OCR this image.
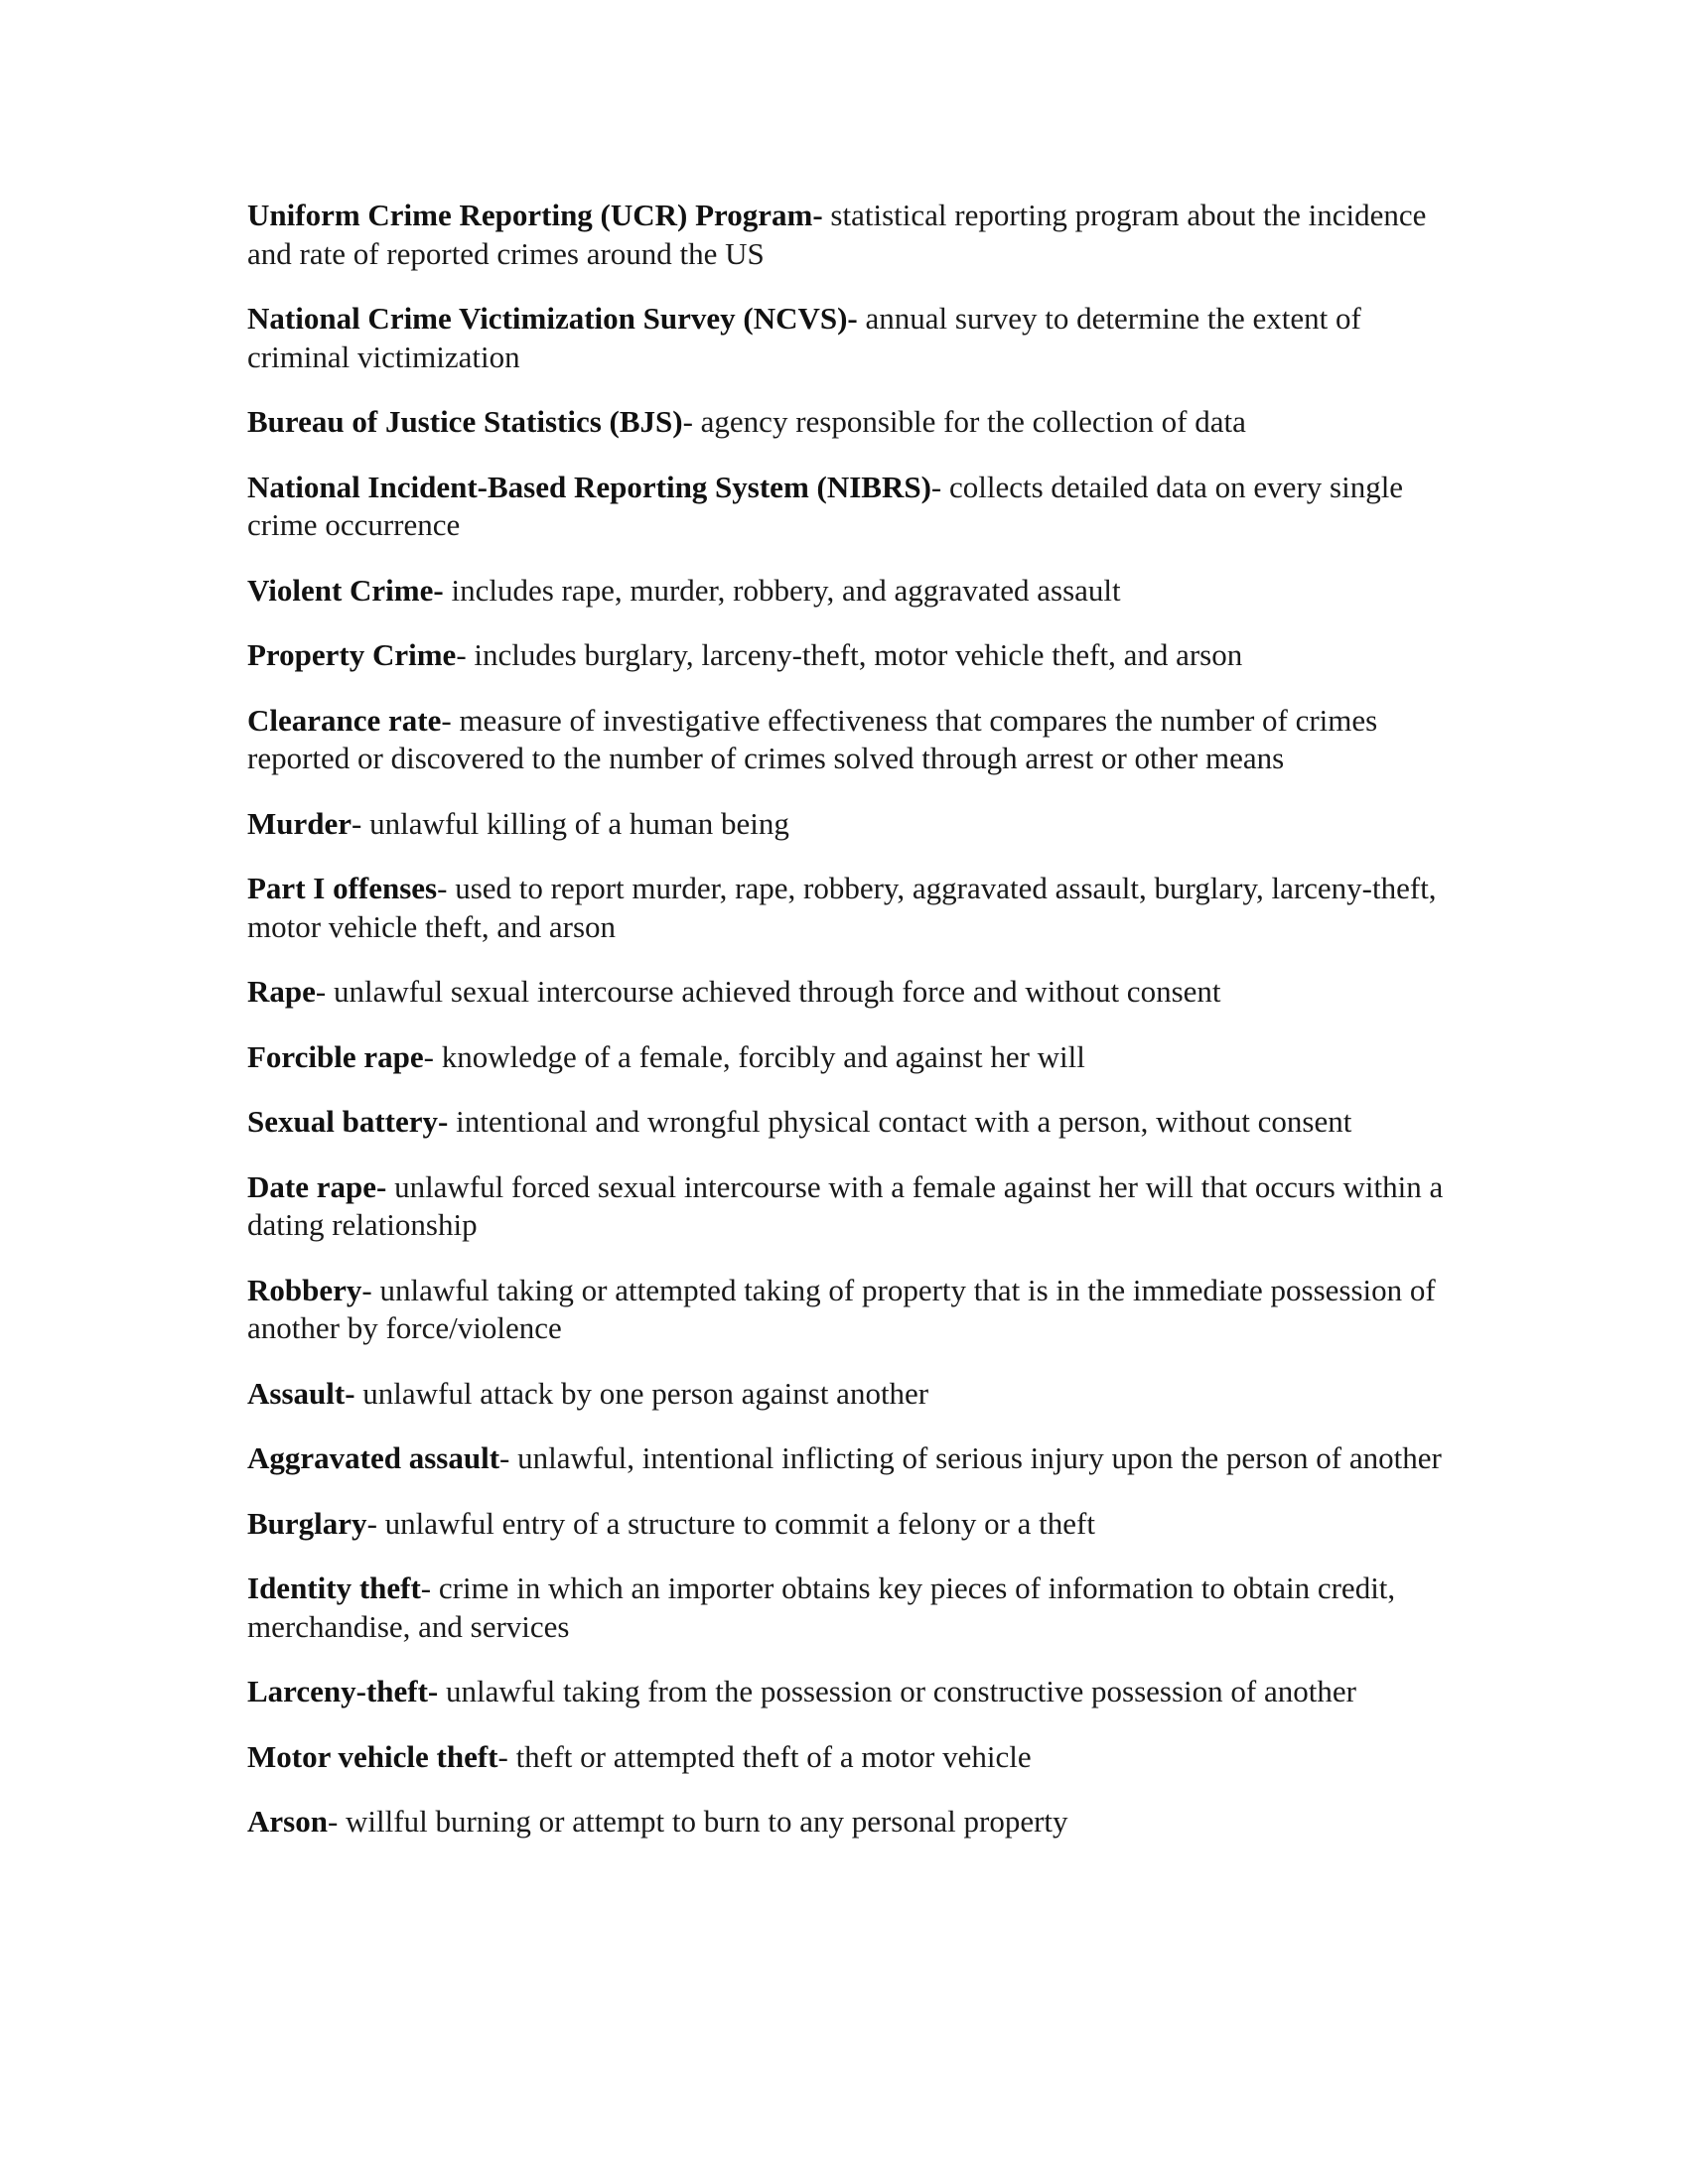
Uniform Crime Reporting (UCR) Program- statistical reporting program about the incidence and rate of reported crimes around the US
National Crime Victimization Survey (NCVS)- annual survey to determine the extent of criminal victimization
Bureau of Justice Statistics (BJS)- agency responsible for the collection of data
National Incident-Based Reporting System (NIBRS)- collects detailed data on every single crime occurrence
Violent Crime- includes rape, murder, robbery, and aggravated assault
Property Crime- includes burglary, larceny-theft, motor vehicle theft, and arson
Clearance rate- measure of investigative effectiveness that compares the number of crimes reported or discovered to the number of crimes solved through arrest or other means
Murder- unlawful killing of a human being
Part I offenses- used to report murder, rape, robbery, aggravated assault, burglary, larceny-theft, motor vehicle theft, and arson
Rape- unlawful sexual intercourse achieved through force and without consent
Forcible rape- knowledge of a female, forcibly and against her will
Sexual battery- intentional and wrongful physical contact with a person, without consent
Date rape- unlawful forced sexual intercourse with a female against her will that occurs within a dating relationship
Robbery- unlawful taking or attempted taking of property that is in the immediate possession of another by force/violence
Assault- unlawful attack by one person against another
Aggravated assault- unlawful, intentional inflicting of serious injury upon the person of another
Burglary- unlawful entry of a structure to commit a felony or a theft
Identity theft- crime in which an importer obtains key pieces of information to obtain credit, merchandise, and services
Larceny-theft- unlawful taking from the possession or constructive possession of another
Motor vehicle theft- theft or attempted theft of a motor vehicle
Arson- willful burning or attempt to burn to any personal property
